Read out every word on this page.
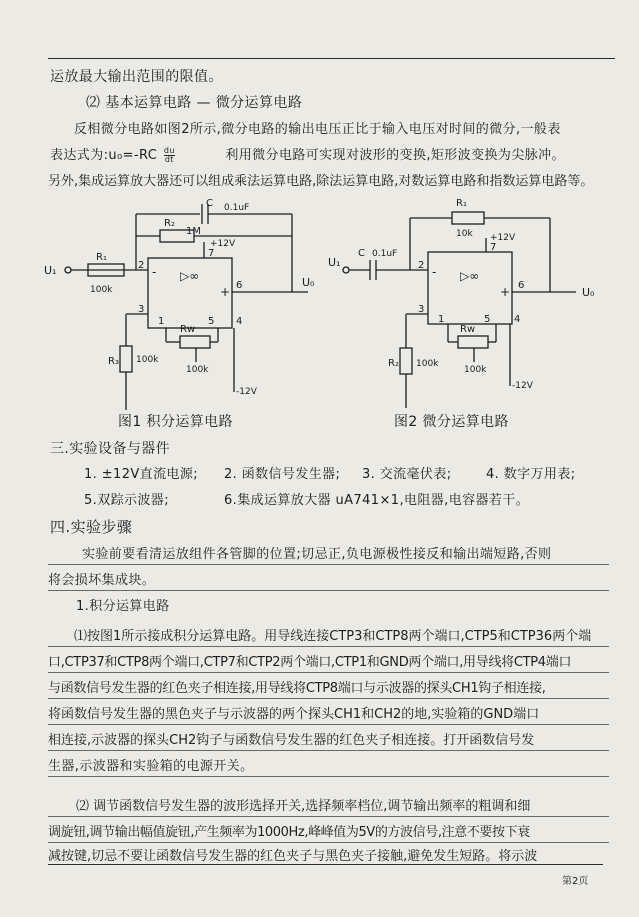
运放最大输出范围的限值。
⑵ 基本运算电路 — 微分运算电路
反相微分电路如图2所示,微分电路的输出电压正比于输入电压对时间的微分,一般表
表达式为:u₀=-RC $\frac{du}{dt}$	利用微分电路可实现对波形的变换,矩形波变换为尖脉冲。
另外,集成运算放大器还可以组成乘法运算电路,除法运算电路,对数运算电路和指数运算电路等。
C 0.1uF
R₂
1M
R₁
100k
R₃ 100k
Rw
100k
+12V
-12V
U₁
U₀
2
3
7
6
1	5 4
-
+
▷∞
图1 积分运算电路
C 0.1uF
R₁
10k
R₂ 100k
Rw
100k
+12V
-12V
U₁
U₀
2
3
7
6
1	5 4
-
+
▷∞
图2 微分运算电路
三.实验设备与器件
1. ±12V直流电源; 2. 函数信号发生器; 3. 交流毫伏表;	4. 数字万用表;
5.双踪示波器;	6.集成运算放大器 uA741×1,电阻器,电容器若干。
四.实验步骤
实验前要看清运放组件各管脚的位置;切忌正,负电源极性接反和输出端短路,否则
将会损坏集成块。
1.积分运算电路
⑴按图1所示接成积分运算电路。用导线连接CTP3和CTP8两个端口,CTP5和CTP36两个端
口,CTP37和CTP8两个端口,CTP7和CTP2两个端口,CTP1和GND两个端口,用导线将CTP4端口
与函数信号发生器的红色夹子相连接,用导线将CTP8端口与示波器的探头CH1钩子相连接,
将函数信号发生器的黑色夹子与示波器的两个探头CH1和CH2的地,实验箱的GND端口
相连接,示波器的探头CH2钩子与函数信号发生器的红色夹子相连接。打开函数信号发
生器,示波器和实验箱的电源开关。
⑵ 调节函数信号发生器的波形选择开关,选择频率档位,调节输出频率的粗调和细
调旋钮,调节输出幅值旋钮,产生频率为1000Hz,峰峰值为5V的方波信号,注意不要按下衰
减按键,切忌不要让函数信号发生器的红色夹子与黑色夹子接触,避免发生短路。将示波
第2页
